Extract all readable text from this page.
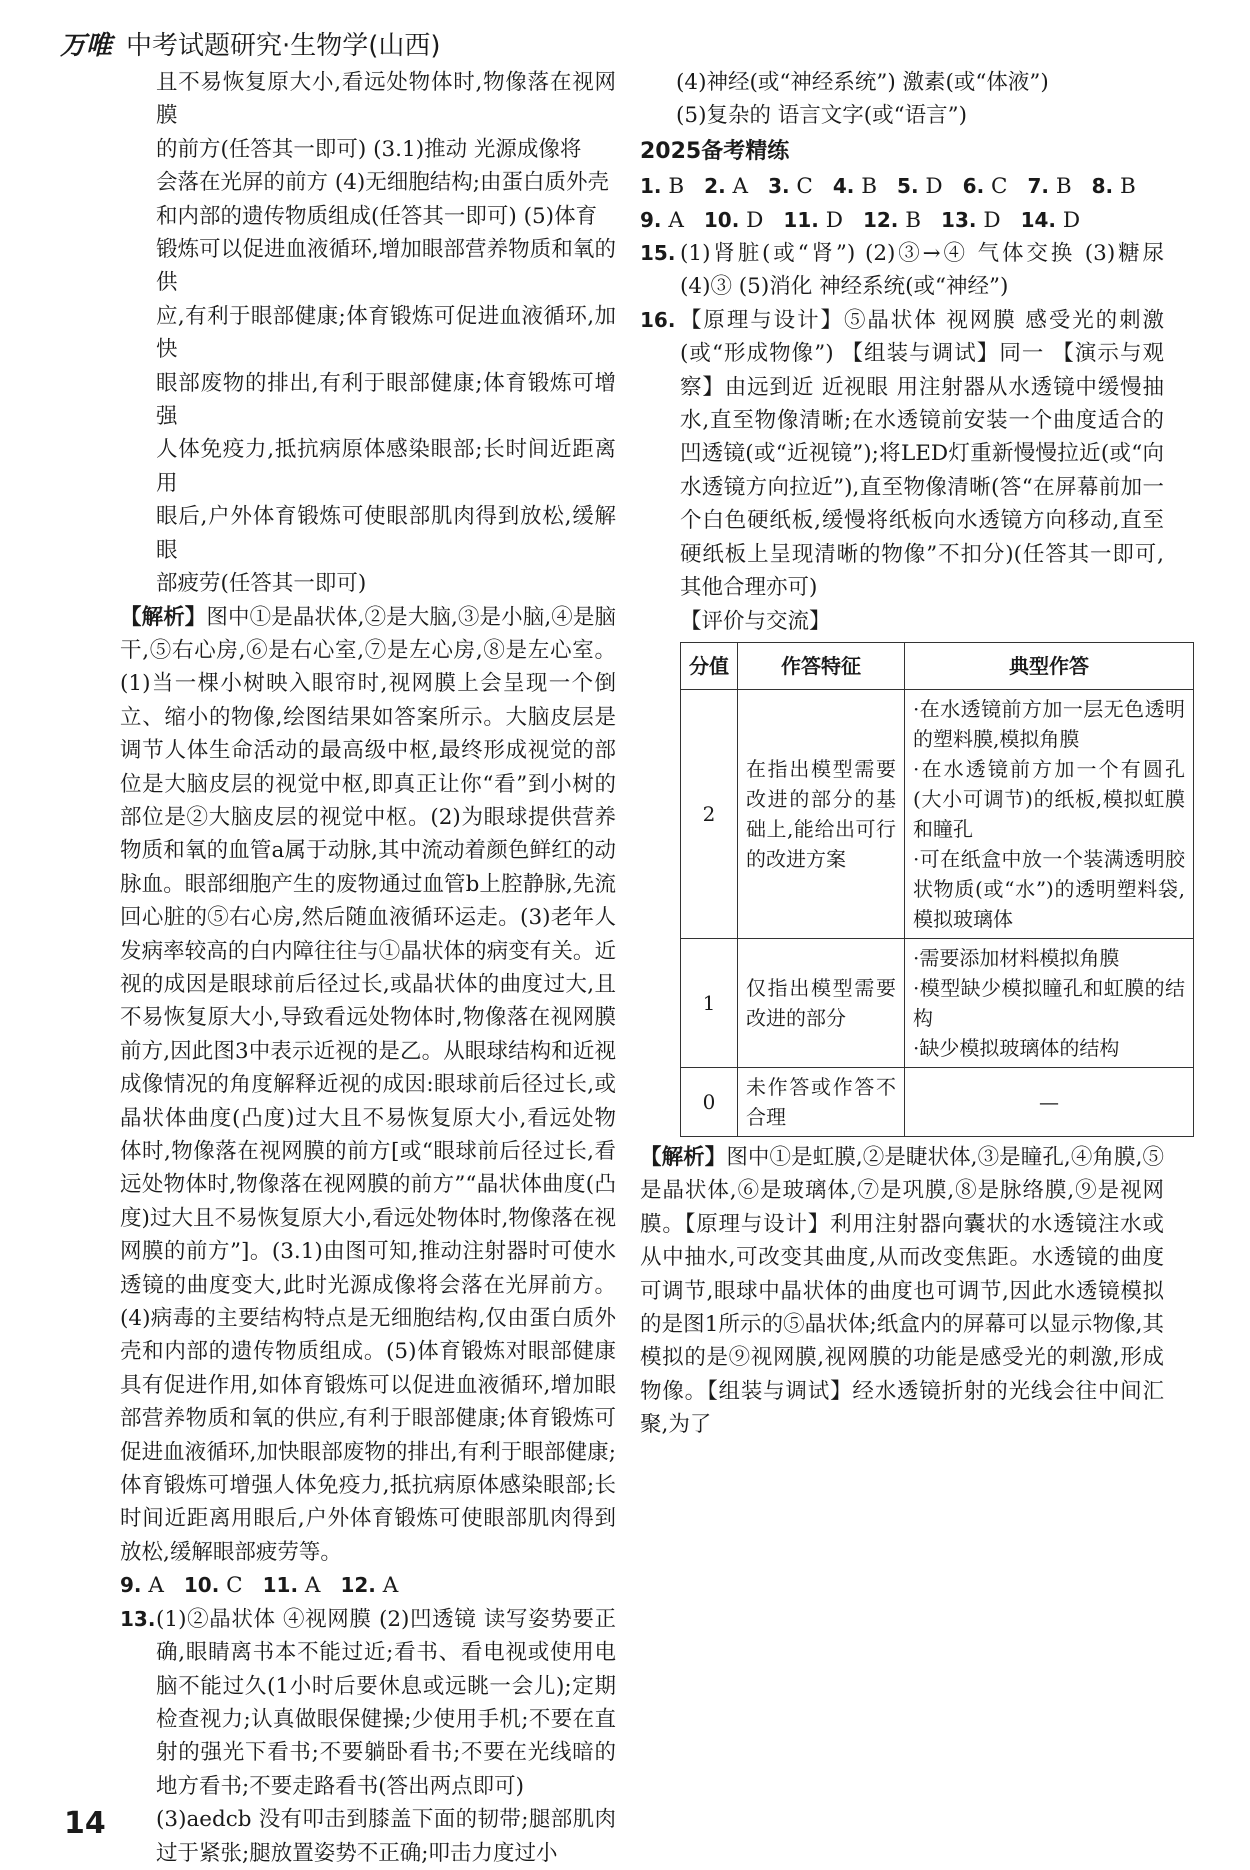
万唯 中考试题研究·生物学(山西)

且不易恢复原大小,看远处物体时,物像落在视网膜

的前方(任答其一即可) (3.1)推动 光源成像将

会落在光屏的前方 (4)无细胞结构;由蛋白质外壳

和内部的遗传物质组成(任答其一即可) (5)体育

锻炼可以促进血液循环,增加眼部营养物质和氧的供

应,有利于眼部健康;体育锻炼可促进血液循环,加快

眼部废物的排出,有利于眼部健康;体育锻炼可增强

人体免疫力,抵抗病原体感染眼部;长时间近距离用

眼后,户外体育锻炼可使眼部肌肉得到放松,缓解眼

部疲劳(任答其一即可)

【解析】图中①是晶状体,②是大脑,③是小脑,④是脑干,⑤右心房,⑥是右心室,⑦是左心房,⑧是左心室。(1)当一棵小树映入眼帘时,视网膜上会呈现一个倒立、缩小的物像,绘图结果如答案所示。大脑皮层是调节人体生命活动的最高级中枢,最终形成视觉的部位是大脑皮层的视觉中枢,即真正让你“看”到小树的部位是②大脑皮层的视觉中枢。(2)为眼球提供营养物质和氧的血管a属于动脉,其中流动着颜色鲜红的动脉血。眼部细胞产生的废物通过血管b上腔静脉,先流回心脏的⑤右心房,然后随血液循环运走。(3)老年人发病率较高的白内障往往与①晶状体的病变有关。近视的成因是眼球前后径过长,或晶状体的曲度过大,且不易恢复原大小,导致看远处物体时,物像落在视网膜前方,因此图3中表示近视的是乙。从眼球结构和近视成像情况的角度解释近视的成因:眼球前后径过长,或晶状体曲度(凸度)过大且不易恢复原大小,看远处物体时,物像落在视网膜的前方[或“眼球前后径过长,看远处物体时,物像落在视网膜的前方”“晶状体曲度(凸度)过大且不易恢复原大小,看远处物体时,物像落在视网膜的前方”]。(3.1)由图可知,推动注射器时可使水透镜的曲度变大,此时光源成像将会落在光屏前方。(4)病毒的主要结构特点是无细胞结构,仅由蛋白质外壳和内部的遗传物质组成。(5)体育锻炼对眼部健康具有促进作用,如体育锻炼可以促进血液循环,增加眼部营养物质和氧的供应,有利于眼部健康;体育锻炼可促进血液循环,加快眼部废物的排出,有利于眼部健康;体育锻炼可增强人体免疫力,抵抗病原体感染眼部;长时间近距离用眼后,户外体育锻炼可使眼部肌肉得到放松,缓解眼部疲劳等。

9. A 10. C 11. A 12. A
13. (1)②晶状体 ④视网膜 (2)凹透镜 读写姿势要正确,眼睛离书本不能过近;看书、看电视或使用电脑不能过久(1小时后要休息或远眺一会儿);定期检查视力;认真做眼保健操;少使用手机;不要在直射的强光下看书;不要躺卧看书;不要在光线暗的地方看书;不要走路看书(答出两点即可)

(3)aedcb 没有叩击到膝盖下面的韧带;腿部肌肉过于紧张;腿放置姿势不正确;叩击力度过小

(4)神经(或“神经系统”) 激素(或“体液”)

(5)复杂的 语言文字(或“语言”)

2025备考精练

1. B 2. A 3. C 4. B 5. D 6. C 7. B 8. B
9. A 10. D 11. D 12. B 13. D 14. D
15. (1)肾脏(或“肾”) (2)③→④ 气体交换 (3)糖尿 (4)③ (5)消化 神经系统(或“神经”)

16. 【原理与设计】⑤晶状体 视网膜 感受光的刺激(或“形成物像”) 【组装与调试】同一 【演示与观察】由远到近 近视眼 用注射器从水透镜中缓慢抽水,直至物像清晰;在水透镜前安装一个曲度适合的凹透镜(或“近视镜”);将LED灯重新慢慢拉近(或“向水透镜方向拉近”),直至物像清晰(答“在屏幕前加一个白色硬纸板,缓慢将纸板向水透镜方向移动,直至硬纸板上呈现清晰的物像”不扣分)(任答其一即可,其他合理亦可)

【评价与交流】

分值	作答特征	典型作答
2	在指出模型需要改进的部分的基础上,能给出可行的改进方案	·在水透镜前方加一层无色透明的塑料膜,模拟角膜
·在水透镜前方加一个有圆孔(大小可调节)的纸板,模拟虹膜和瞳孔
·可在纸盒中放一个装满透明胶状物质(或“水”)的透明塑料袋,模拟玻璃体

1	仅指出模型需要改进的部分	·需要添加材料模拟角膜
·模型缺少模拟瞳孔和虹膜的结构
·缺少模拟玻璃体的结构

0	未作答或作答不合理	—

【解析】图中①是虹膜,②是睫状体,③是瞳孔,④角膜,⑤是晶状体,⑥是玻璃体,⑦是巩膜,⑧是脉络膜,⑨是视网膜。【原理与设计】利用注射器向囊状的水透镜注水或从中抽水,可改变其曲度,从而改变焦距。水透镜的曲度可调节,眼球中晶状体的曲度也可调节,因此水透镜模拟的是图1所示的⑤晶状体;纸盒内的屏幕可以显示物像,其模拟的是⑨视网膜,视网膜的功能是感受光的刺激,形成物像。【组装与调试】经水透镜折射的光线会往中间汇聚,为了

14
